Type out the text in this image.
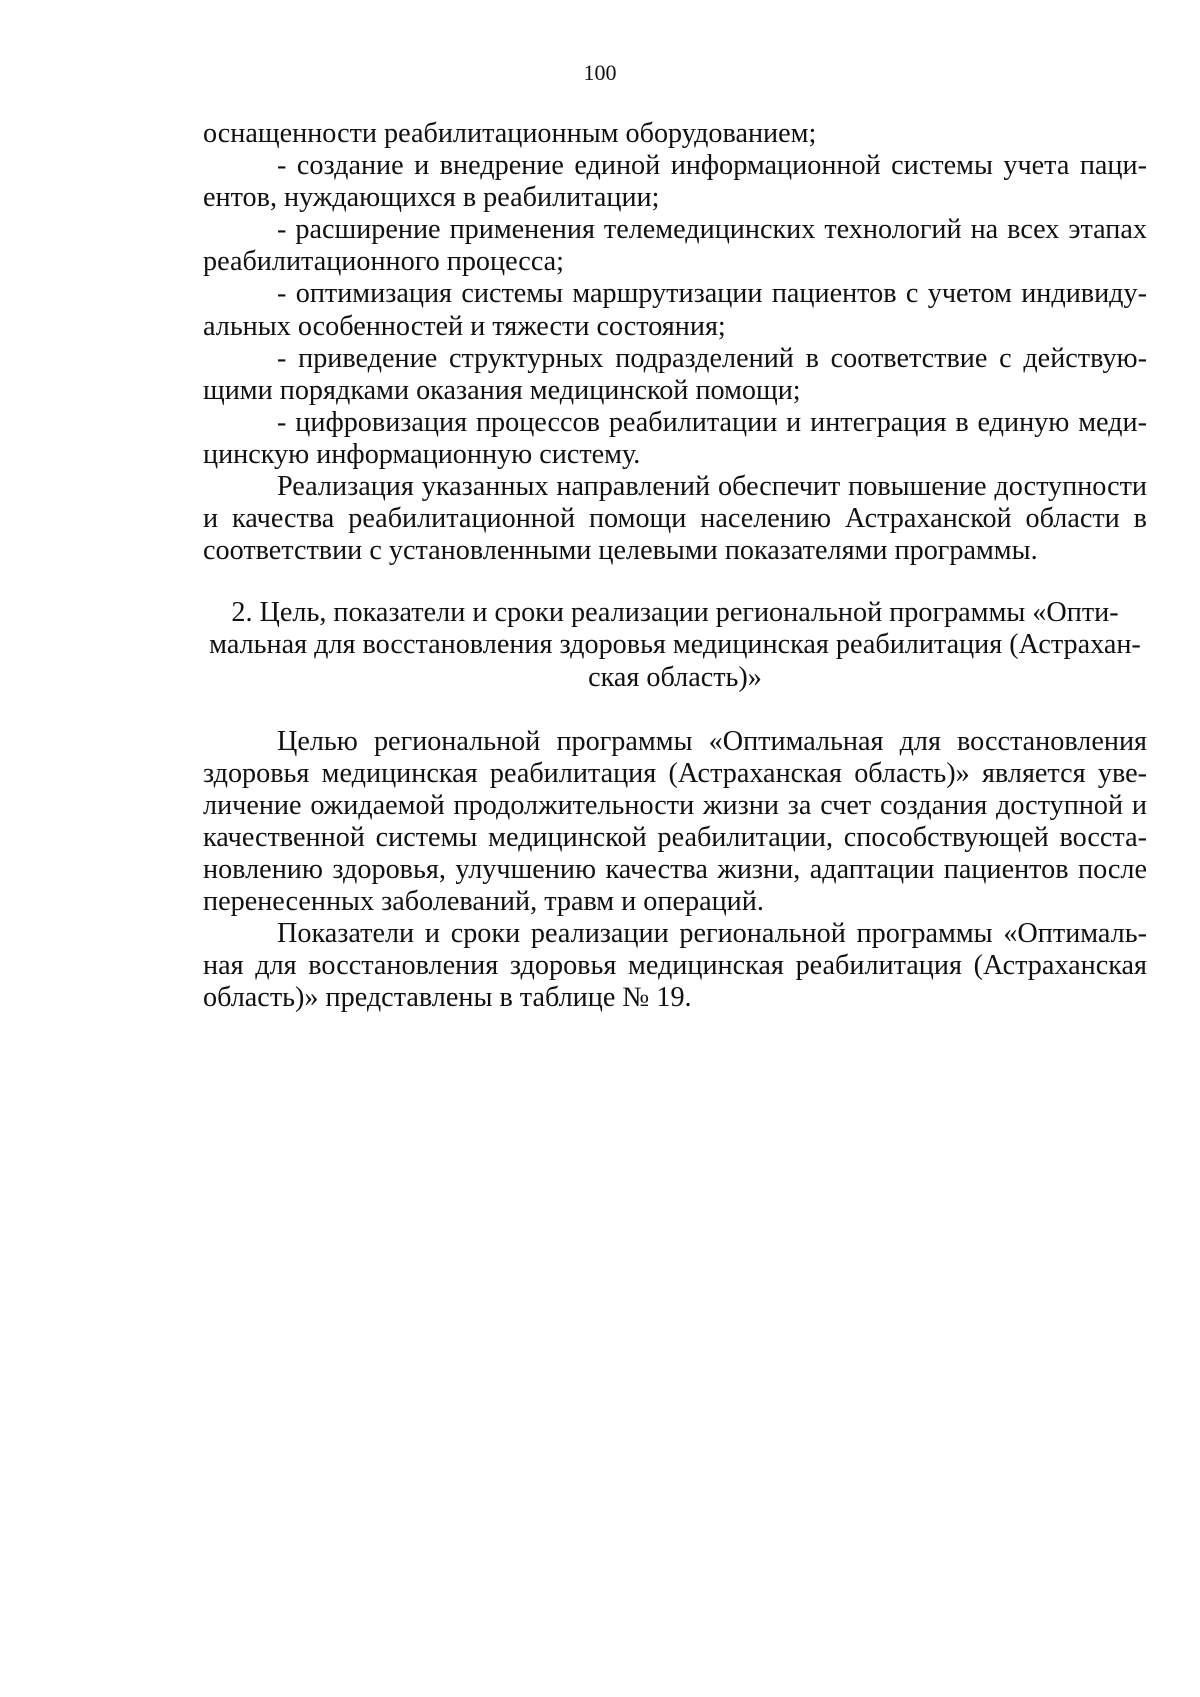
100
оснащенности реабилитационным оборудованием;
- создание и внедрение единой информационной системы учета паци-
ентов, нуждающихся в реабилитации;
- расширение применения телемедицинских технологий на всех этапах
реабилитационного процесса;
- оптимизация системы маршрутизации пациентов с учетом индивиду-
альных особенностей и тяжести состояния;
- приведение структурных подразделений в соответствие с действую-
щими порядками оказания медицинской помощи;
- цифровизация процессов реабилитации и интеграция в единую меди-
цинскую информационную систему.
Реализация указанных направлений обеспечит повышение доступности
и качества реабилитационной помощи населению Астраханской области в
соответствии с установленными целевыми показателями программы.
2. Цель, показатели и сроки реализации региональной программы «Опти-
мальная для восстановления здоровья медицинская реабилитация (Астрахан-
ская область)»
Целью региональной программы «Оптимальная для восстановления
здоровья медицинская реабилитация (Астраханская область)» является уве-
личение ожидаемой продолжительности жизни за счет создания доступной и
качественной системы медицинской реабилитации, способствующей восста-
новлению здоровья, улучшению качества жизни, адаптации пациентов после
перенесенных заболеваний, травм и операций.
Показатели и сроки реализации региональной программы «Оптималь-
ная для восстановления здоровья медицинская реабилитация (Астраханская
область)» представлены в таблице № 19.
